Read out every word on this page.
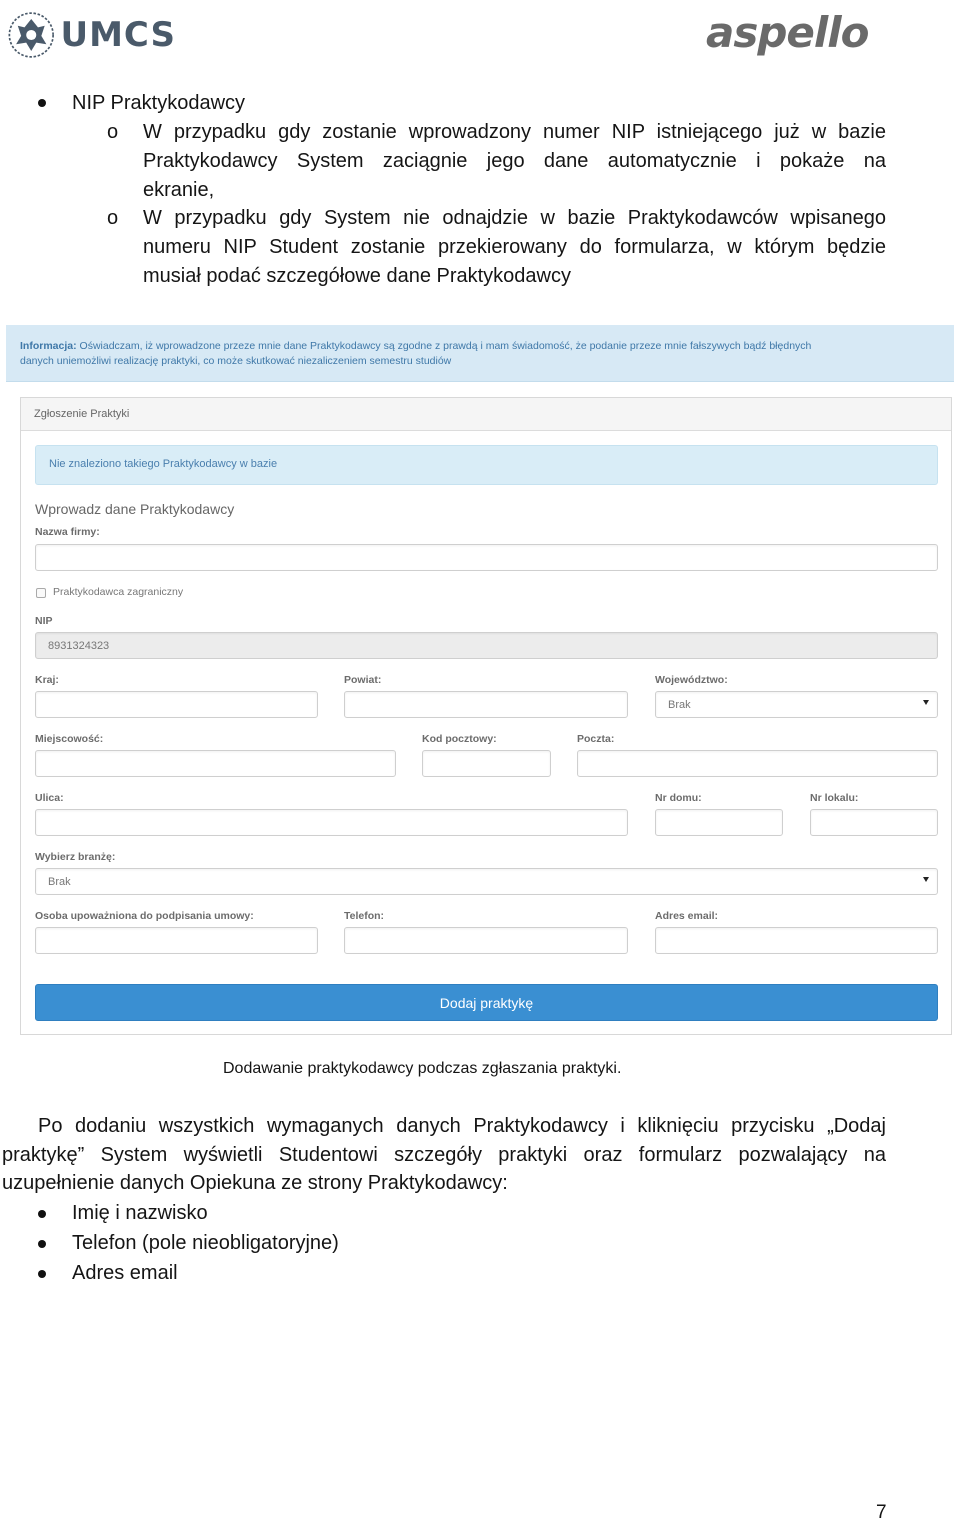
UMCS	aspello
NIP Praktykodawcy
o W przypadku gdy zostanie wprowadzony numer NIP istniejącego już w bazie
Praktykodawcy System zaciągnie jego dane automatycznie i pokaże na
ekranie,
o W przypadku gdy System nie odnajdzie w bazie Praktykodawców wpisanego
numeru NIP Student zostanie przekierowany do formularza, w którym będzie
musiał podać szczegółowe dane Praktykodawcy
Informacja: Oświadczam, iż wprowadzone przeze mnie dane Praktykodawcy są zgodne z prawdą i mam świadomość, że podanie przeze mnie fałszywych bądź błędnych
danych uniemożliwi realizację praktyki, co może skutkować niezaliczeniem semestru studiów
Zgłoszenie Praktyki
Nie znaleziono takiego Praktykodawcy w bazie
Wprowadz dane Praktykodawcy
Nazwa firmy:
Praktykodawca zagraniczny
NIP
8931324323
Kraj:	Powiat:	Województwo:
Brak
Miejscowość:	Kod pocztowy:	Poczta:
Ulica:	Nr domu:	Nr lokalu:
Wybierz branżę:
Brak
Osoba upoważniona do podpisania umowy:	Telefon:	Adres email:
Dodaj praktykę
Dodawanie praktykodawcy podczas zgłaszania praktyki.
Po dodaniu wszystkich wymaganych danych Praktykodawcy i kliknięciu przycisku „Dodaj
praktykę” System wyświetli Studentowi szczegóły praktyki oraz formularz pozwalający na
uzupełnienie danych Opiekuna ze strony Praktykodawcy:
Imię i nazwisko
Telefon (pole nieobligatoryjne)
Adres email
7
